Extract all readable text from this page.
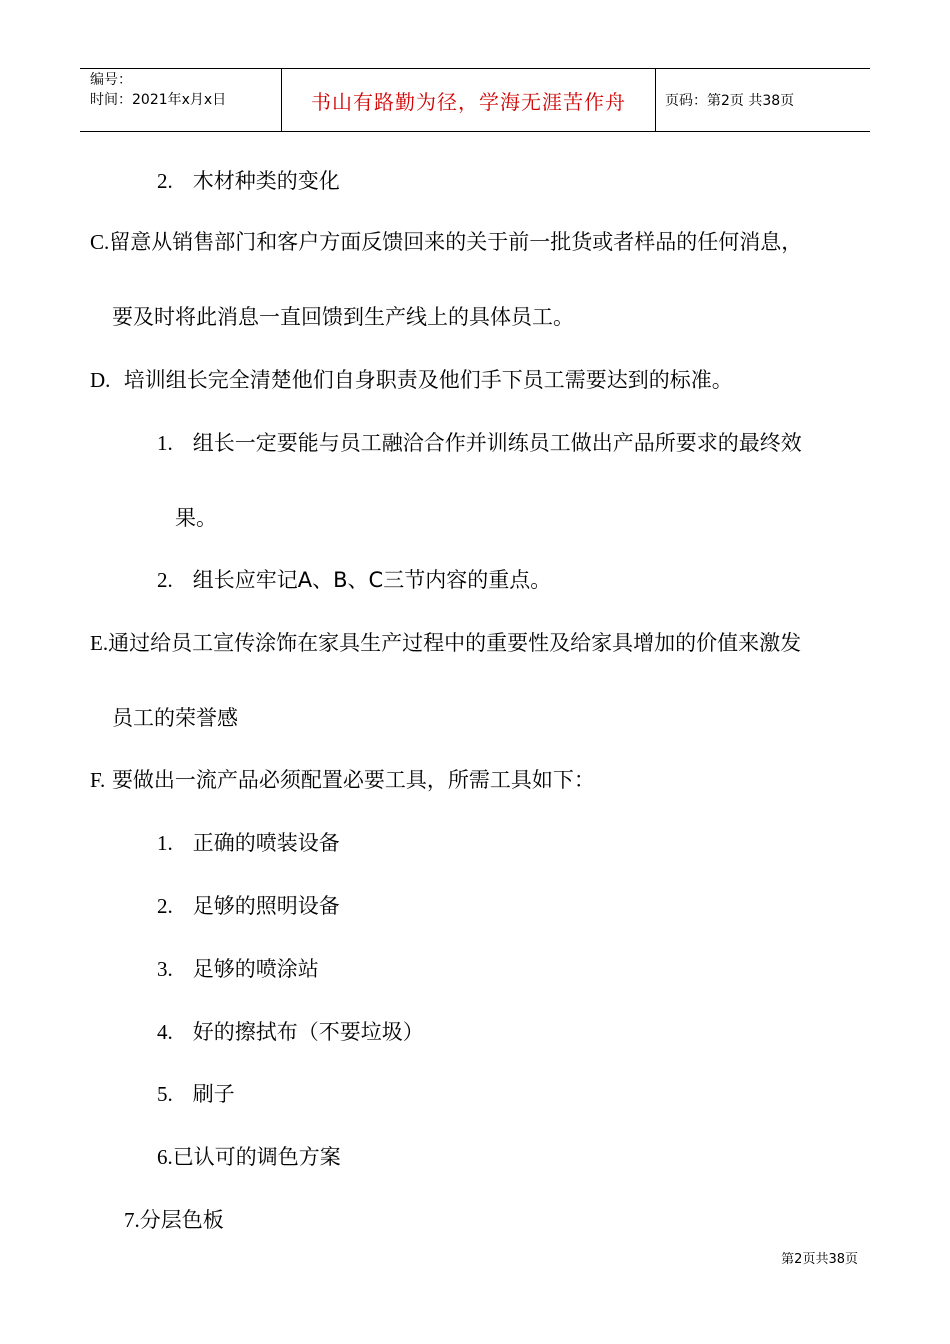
编号：
时间：2021年x月x日	书山有路勤为径，学海无涯苦作舟	页码：第2页 共38页
2. 木材种类的变化
C.留意从销售部门和客户方面反馈回来的关于前一批货或者样品的任何消息，
要及时将此消息一直回馈到生产线上的具体员工。
D. 培训组长完全清楚他们自身职责及他们手下员工需要达到的标准。
1. 组长一定要能与员工融洽合作并训练员工做出产品所要求的最终效
果。
2. 组长应牢记A、B、C三节内容的重点。
E.通过给员工宣传涂饰在家具生产过程中的重要性及给家具增加的价值来激发
员工的荣誉感
F. 要做出一流产品必须配置必要工具，所需工具如下：
1. 正确的喷装设备
2. 足够的照明设备
3. 足够的喷涂站
4. 好的擦拭布（不要垃圾）
5. 刷子
6.已认可的调色方案
7.分层色板
第2页共38页
